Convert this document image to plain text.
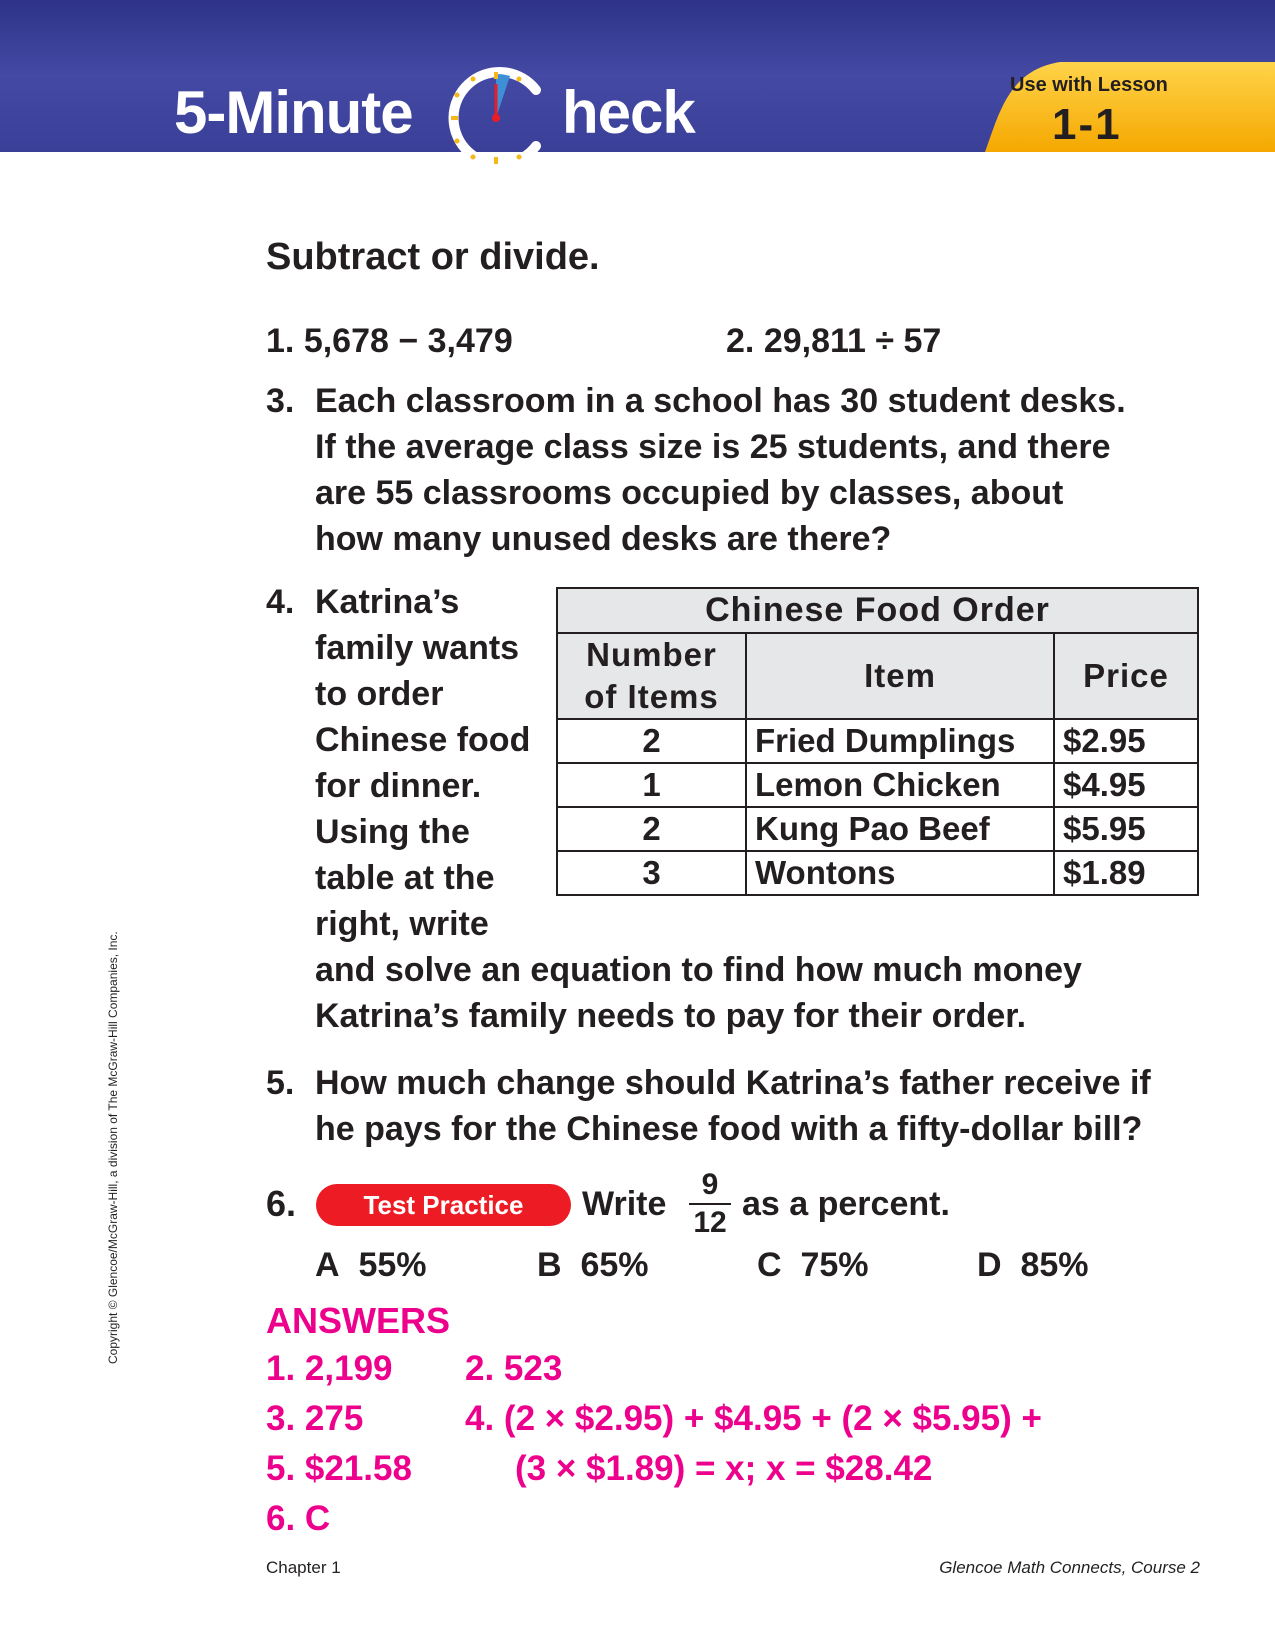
5-Minute heck	Use with Lesson
1-1
Subtract or divide.
1. 5,678 − 3,479	2. 29,811 ÷ 57
3. Each classroom in a school has 30 student desks.
If the average class size is 25 students, and there
are 55 classrooms occupied by classes, about
how many unused desks are there?
4. Katrina’s
family wants
to order
Chinese food
for dinner.
Using the
table at the
right, write
and solve an equation to find how much money
Katrina’s family needs to pay for their order.
Chinese Food Order		
Number
of Items	Item	Price
2	Fried Dumplings	$2.95
1	Lemon Chicken	$4.95
2	Kung Pao Beef	$5.95
3	Wontons	$1.89
5. How much change should Katrina’s father receive if
he pays for the Chinese food with a fifty-dollar bill?
6.	Test Practice	Write
9
12 as a percent.
A 55%	B 65%	C 75%	D 85%
ANSWERS
1. 2,199 2. 523
3. 275	4. (2 × $2.95) + $4.95 + (2 × $5.95) +
5. $21.58	(3 × $1.89) = x; x = $28.42
6. C
Copyright © Glencoe/McGraw-Hill, a division of The McGraw-Hill Companies, Inc.
Chapter 1	Glencoe Math Connects, Course 2
